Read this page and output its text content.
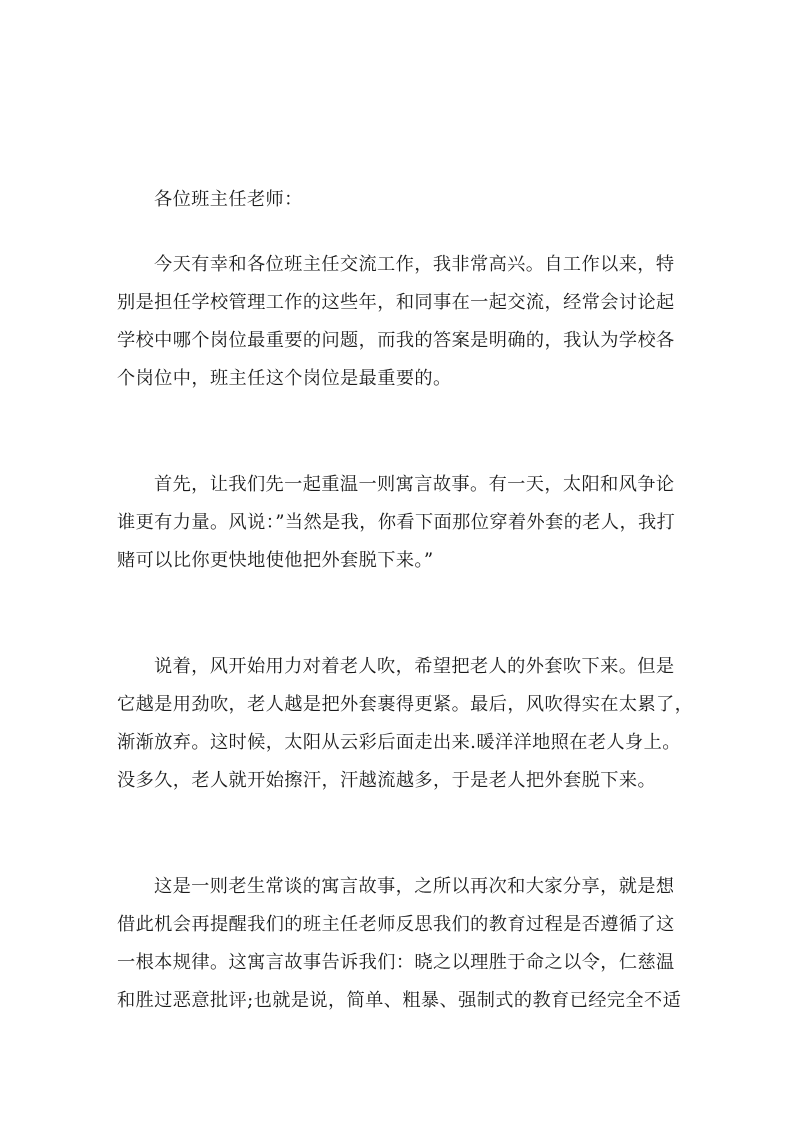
各位班主任老师：
今天有幸和各位班主任交流工作，我非常高兴。自工作以来，特
别是担任学校管理工作的这些年，和同事在一起交流，经常会讨论起
学校中哪个岗位最重要的问题，而我的答案是明确的，我认为学校各
个岗位中，班主任这个岗位是最重要的。
首先，让我们先一起重温一则寓言故事。有一天，太阳和风争论
谁更有力量。风说：”当然是我，你看下面那位穿着外套的老人，我打
赌可以比你更快地使他把外套脱下来。”
说着，风开始用力对着老人吹，希望把老人的外套吹下来。但是
它越是用劲吹，老人越是把外套裹得更紧。最后，风吹得实在太累了，
渐渐放弃。这时候，太阳从云彩后面走出来.暖洋洋地照在老人身上。
没多久，老人就开始擦汗，汗越流越多，于是老人把外套脱下来。
这是一则老生常谈的寓言故事，之所以再次和大家分享，就是想
借此机会再提醒我们的班主任老师反思我们的教育过程是否遵循了这
一根本规律。这寓言故事告诉我们：晓之以理胜于命之以令，仁慈温
和胜过恶意批评;也就是说，简单、粗暴、强制式的教育已经完全不适
